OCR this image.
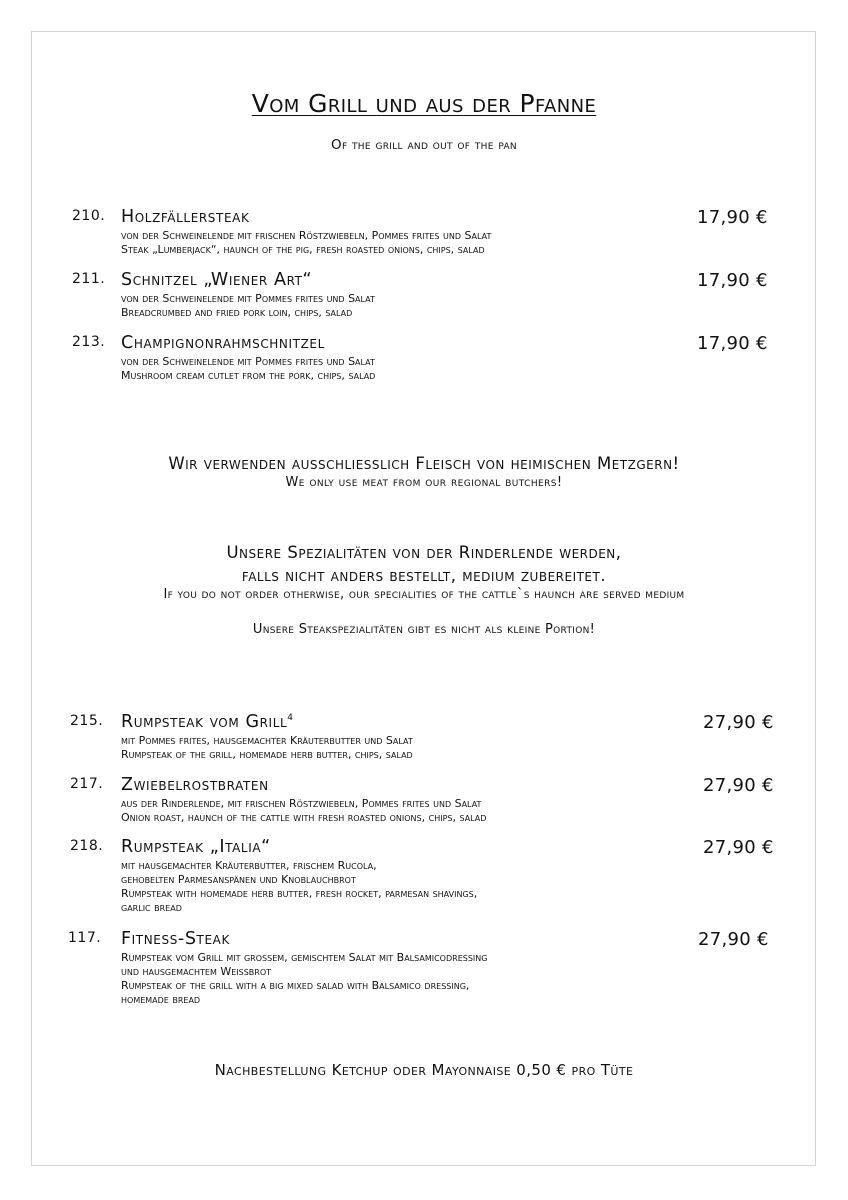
Vom Grill und aus der Pfanne
Of the grill and out of the pan
210. Holzfällersteak	17,90 €
von der Schweinelende mit frischen Röstzwiebeln, Pommes frites und Salat
Steak „Lumberjack“, haunch of the pig, fresh roasted onions, chips, salad
211. Schnitzel „Wiener Art“	17,90 €
von der Schweinelende mit Pommes frites und Salat
Breadcrumbed and fried pork loin, chips, salad
213. Champignonrahmschnitzel	17,90 €
von der Schweinelende mit Pommes frites und Salat
Mushroom cream cutlet from the pork, chips, salad
Wir verwenden ausschliesslich Fleisch von heimischen Metzgern!
We only use meat from our regional butchers!
Unsere Spezialitäten von der Rinderlende werden,
falls nicht anders bestellt, medium zubereitet.
If you do not order otherwise, our specialities of the cattle`s haunch are served medium
Unsere Steakspezialitäten gibt es nicht als kleine Portion!
215. Rumpsteak vom Grill$^4$	27,90 €
mit Pommes frites, hausgemachter Kräuterbutter und Salat
Rumpsteak of the grill, homemade herb butter, chips, salad
217. Zwiebelrostbraten	27,90 €
aus der Rinderlende, mit frischen Röstzwiebeln, Pommes frites und Salat
Onion roast, haunch of the cattle with fresh roasted onions, chips, salad
218. Rumpsteak „Italia“	27,90 €
mit hausgemachter Kräuterbutter, frischem Rucola,
gehobelten Parmesanspänen und Knoblauchbrot
Rumpsteak with homemade herb butter, fresh rocket, parmesan shavings,
garlic bread
117. Fitness-Steak	27,90 €
Rumpsteak vom Grill mit grossem, gemischtem Salat mit Balsamicodressing
und hausgemachtem Weissbrot
Rumpsteak of the grill with a big mixed salad with Balsamico dressing,
homemade bread
Nachbestellung Ketchup oder Mayonnaise 0,50 € pro Tüte
